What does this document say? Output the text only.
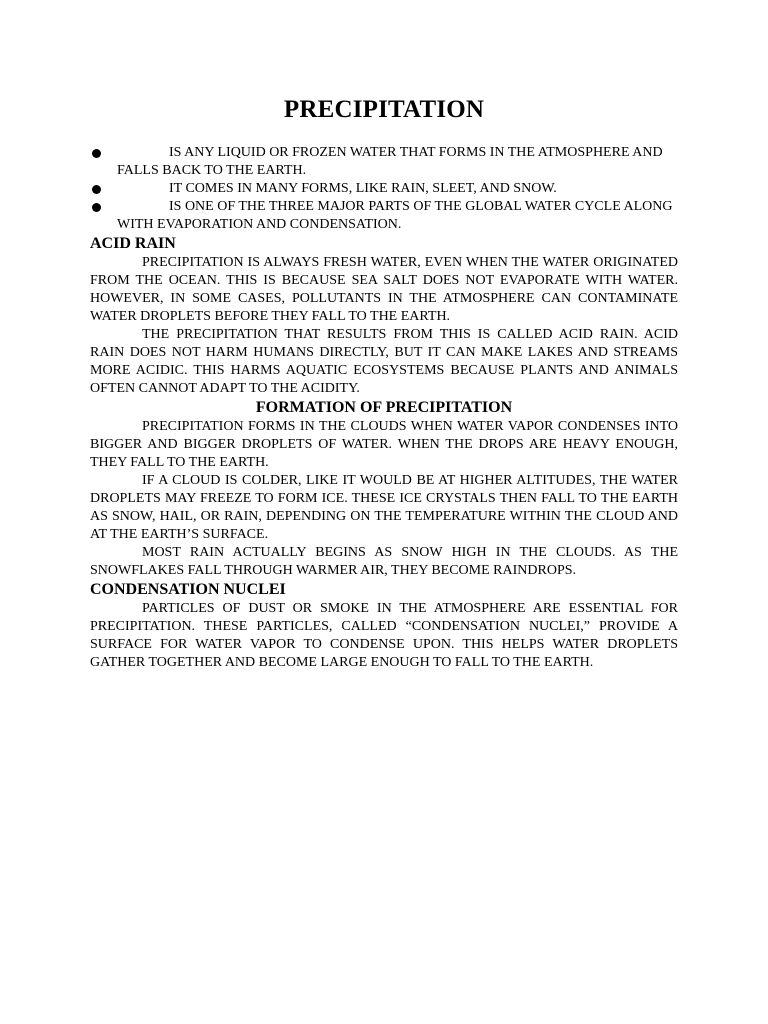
PRECIPITATION
IS ANY LIQUID OR FROZEN WATER THAT FORMS IN THE ATMOSPHERE AND FALLS BACK TO THE EARTH.
IT COMES IN MANY FORMS, LIKE RAIN, SLEET, AND SNOW.
IS ONE OF THE THREE MAJOR PARTS OF THE GLOBAL WATER CYCLE ALONG WITH EVAPORATION AND CONDENSATION.
ACID RAIN

PRECIPITATION IS ALWAYS FRESH WATER, EVEN WHEN THE WATER ORIGINATED FROM THE OCEAN. THIS IS BECAUSE SEA SALT DOES NOT EVAPORATE WITH WATER. HOWEVER, IN SOME CASES, POLLUTANTS IN THE ATMOSPHERE CAN CONTAMINATE WATER DROPLETS BEFORE THEY FALL TO THE EARTH.

THE PRECIPITATION THAT RESULTS FROM THIS IS CALLED ACID RAIN. ACID RAIN DOES NOT HARM HUMANS DIRECTLY, BUT IT CAN MAKE LAKES AND STREAMS MORE ACIDIC. THIS HARMS AQUATIC ECOSYSTEMS BECAUSE PLANTS AND ANIMALS OFTEN CANNOT ADAPT TO THE ACIDITY.

FORMATION OF PRECIPITATION

PRECIPITATION FORMS IN THE CLOUDS WHEN WATER VAPOR CONDENSES INTO BIGGER AND BIGGER DROPLETS OF WATER. WHEN THE DROPS ARE HEAVY ENOUGH, THEY FALL TO THE EARTH.

IF A CLOUD IS COLDER, LIKE IT WOULD BE AT HIGHER ALTITUDES, THE WATER DROPLETS MAY FREEZE TO FORM ICE. THESE ICE CRYSTALS THEN FALL TO THE EARTH AS SNOW, HAIL, OR RAIN, DEPENDING ON THE TEMPERATURE WITHIN THE CLOUD AND AT THE EARTH’S SURFACE.

MOST RAIN ACTUALLY BEGINS AS SNOW HIGH IN THE CLOUDS. AS THE SNOWFLAKES FALL THROUGH WARMER AIR, THEY BECOME RAINDROPS.

CONDENSATION NUCLEI

PARTICLES OF DUST OR SMOKE IN THE ATMOSPHERE ARE ESSENTIAL FOR PRECIPITATION. THESE PARTICLES, CALLED “CONDENSATION NUCLEI,” PROVIDE A SURFACE FOR WATER VAPOR TO CONDENSE UPON. THIS HELPS WATER DROPLETS GATHER TOGETHER AND BECOME LARGE ENOUGH TO FALL TO THE EARTH.
